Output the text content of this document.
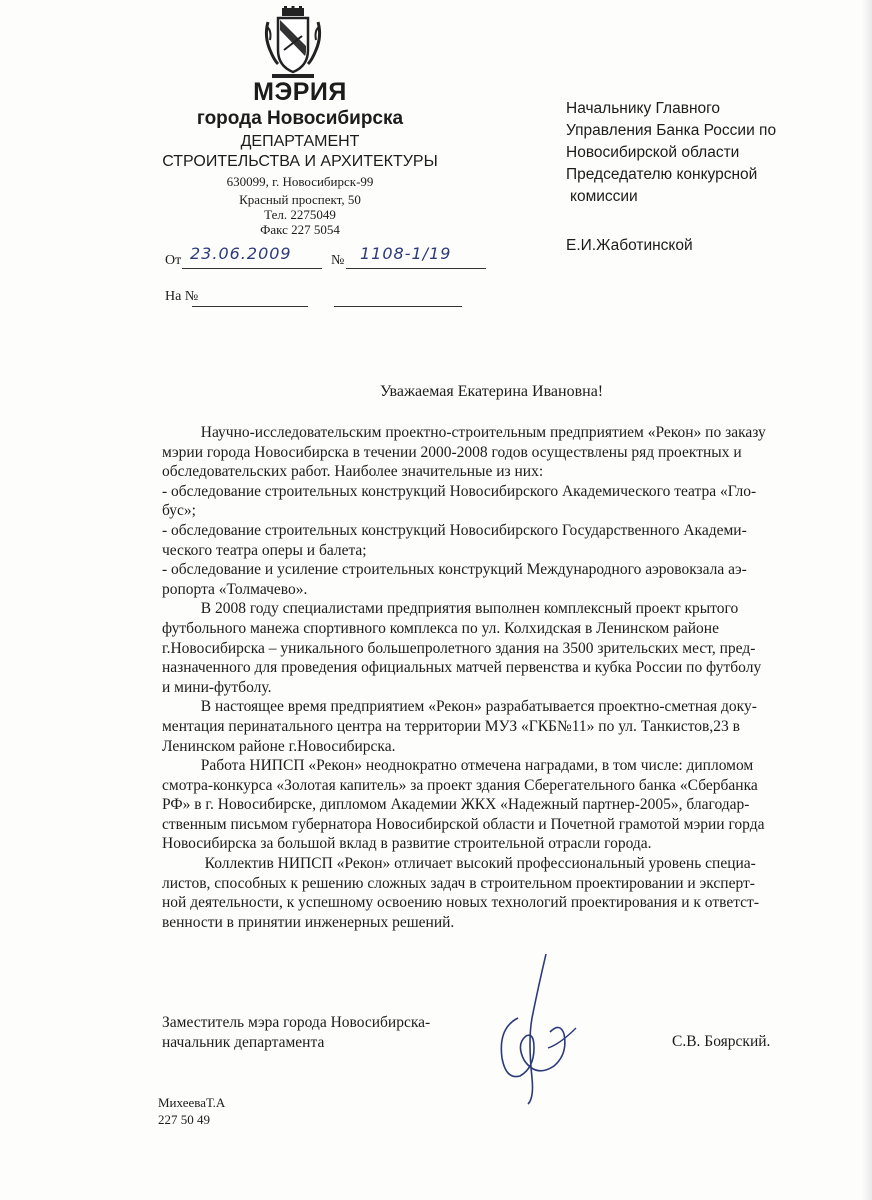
МЭРИЯ
города Новосибирска
ДЕПАРТАМЕНТ
СТРОИТЕЛЬСТВА И АРХИТЕКТУРЫ
630099, г. Новосибирск-99
Красный проспект, 50
Тел. 2275049
Факс 227 5054
От 23.06.2009	№ 1108-1/19
На №
Начальнику Главного
Управления Банка России по
Новосибирской области
Председателю конкурсной
комиссии
Е.И.Жаботинской
Уважаемая Екатерина Ивановна!
Научно-исследовательским проектно-строительным предприятием «Рекон» по заказу
мэрии города Новосибирска в течении 2000-2008 годов осуществлены ряд проектных и
обследовательских работ. Наиболее значительные из них:
- обследование строительных конструкций Новосибирского Академического театра «Гло-
бус»;
- обследование строительных конструкций Новосибирского Государственного Академи-
ческого театра оперы и балета;
- обследование и усиление строительных конструкций Международного аэровокзала аэ-
ропорта «Толмачево».
В 2008 году специалистами предприятия выполнен комплексный проект крытого
футбольного манежа спортивного комплекса по ул. Колхидская в Ленинском районе
г.Новосибирска – уникального большепролетного здания на 3500 зрительских мест, пред-
назначенного для проведения официальных матчей первенства и кубка России по футболу
и мини-футболу.
В настоящее время предприятием «Рекон» разрабатывается проектно-сметная доку-
ментация перинатального центра на территории МУЗ «ГКБ№11» по ул. Танкистов,23 в
Ленинском районе г.Новосибирска.
Работа НИПСП «Рекон» неоднократно отмечена наградами, в том числе: дипломом
смотра-конкурса «Золотая капитель» за проект здания Сберегательного банка «Сбербанка
РФ» в г. Новосибирске, дипломом Академии ЖКХ «Надежный партнер-2005», благодар-
ственным письмом губернатора Новосибирской области и Почетной грамотой мэрии горда
Новосибирска за большой вклад в развитие строительной отрасли города.
Коллектив НИПСП «Рекон» отличает высокий профессиональный уровень специа-
листов, способных к решению сложных задач в строительном проектировании и эксперт-
ной деятельности, к успешному освоению новых технологий проектирования и к ответст-
венности в принятии инженерных решений.
Заместитель мэра города Новосибирска-
начальник департамента	С.В. Боярский.
МихееваТ.А
227 50 49
